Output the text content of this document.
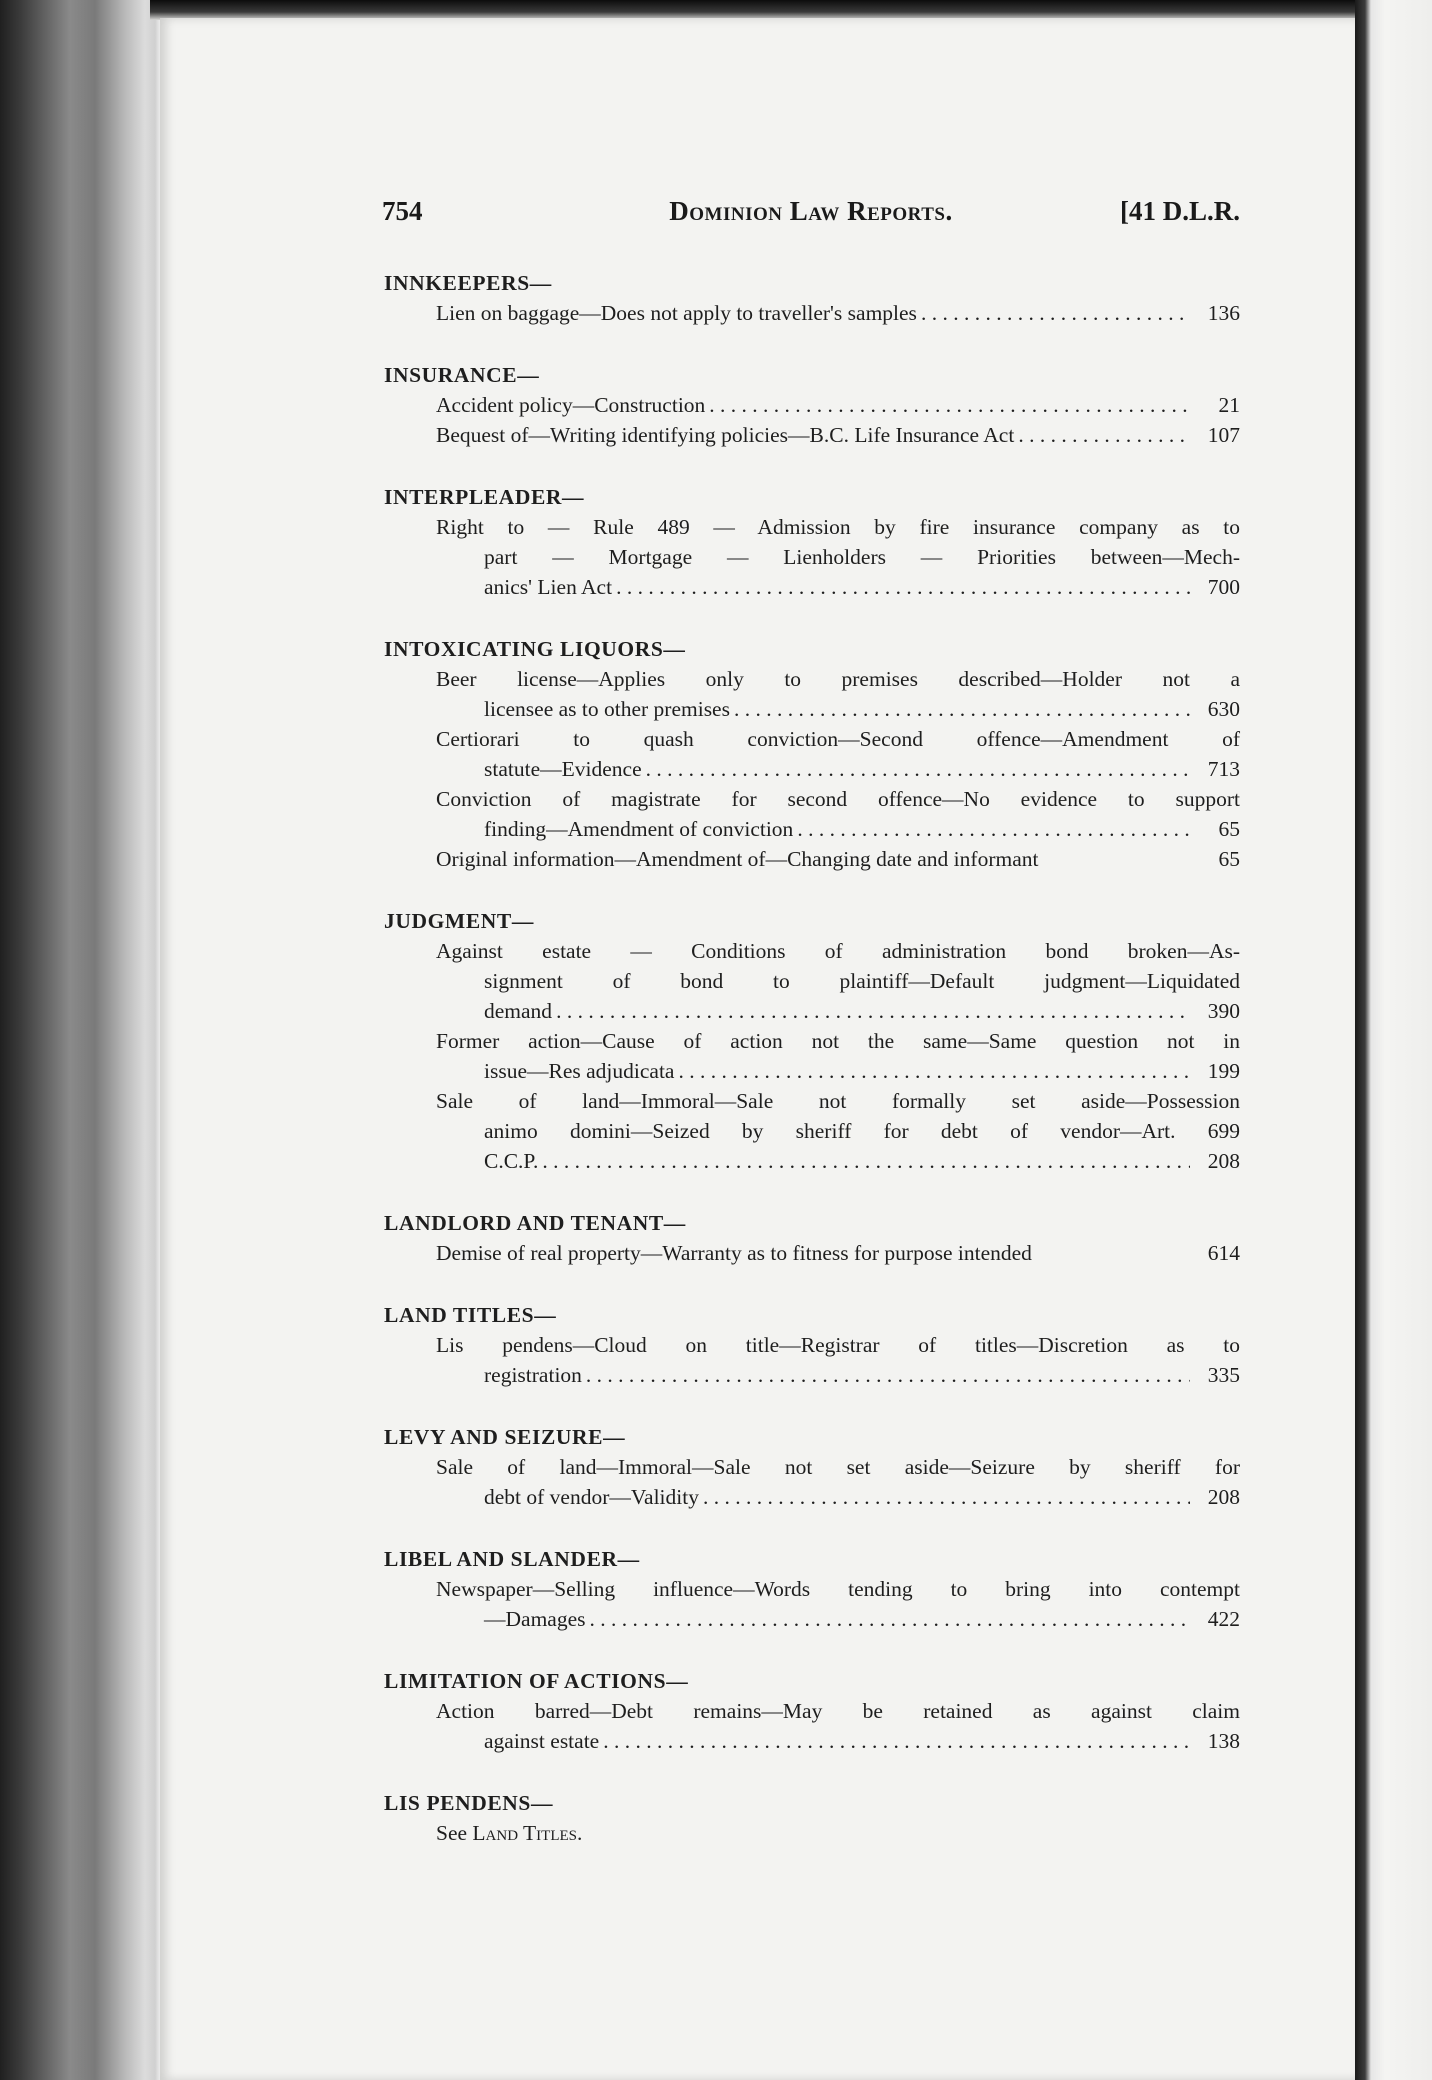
754	Dominion Law Reports.	[41 D.L.R.
INNKEEPERS—
Lien on baggage—Does not apply to traveller's samples . . .	136
INSURANCE—
Accident policy—Construction . . .	21
Bequest of—Writing identifying policies—B.C. Life Insurance Act . . .	107
INTERPLEADER—
Right to — Rule 489 — Admission by fire insurance company as to
part — Mortgage — Lienholders — Priorities between—Mech-
anics' Lien Act . . .	700
INTOXICATING LIQUORS—
Beer license—Applies only to premises described—Holder not a
licensee as to other premises . . .	630
Certiorari to quash conviction—Second offence—Amendment of
statute—Evidence . . .	713
Conviction of magistrate for second offence—No evidence to support
finding—Amendment of conviction . . .	65
Original information—Amendment of—Changing date and informant	65
JUDGMENT—
Against estate — Conditions of administration bond broken—As-
signment of bond to plaintiff—Default judgment—Liquidated
demand . . .	390
Former action—Cause of action not the same—Same question not in
issue—Res adjudicata . . .	199
Sale of land—Immoral—Sale not formally set aside—Possession
animo domini—Seized by sheriff for debt of vendor—Art. 699
C.C.P. . . .	208
LANDLORD AND TENANT—
Demise of real property—Warranty as to fitness for purpose intended	614
LAND TITLES—
Lis pendens—Cloud on title—Registrar of titles—Discretion as to
registration . . .	335
LEVY AND SEIZURE—
Sale of land—Immoral—Sale not set aside—Seizure by sheriff for
debt of vendor—Validity . . .	208
LIBEL AND SLANDER—
Newspaper—Selling influence—Words tending to bring into contempt
—Damages . . .	422
LIMITATION OF ACTIONS—
Action barred—Debt remains—May be retained as against claim
against estate . . .	138
LIS PENDENS—
See Land Titles.
